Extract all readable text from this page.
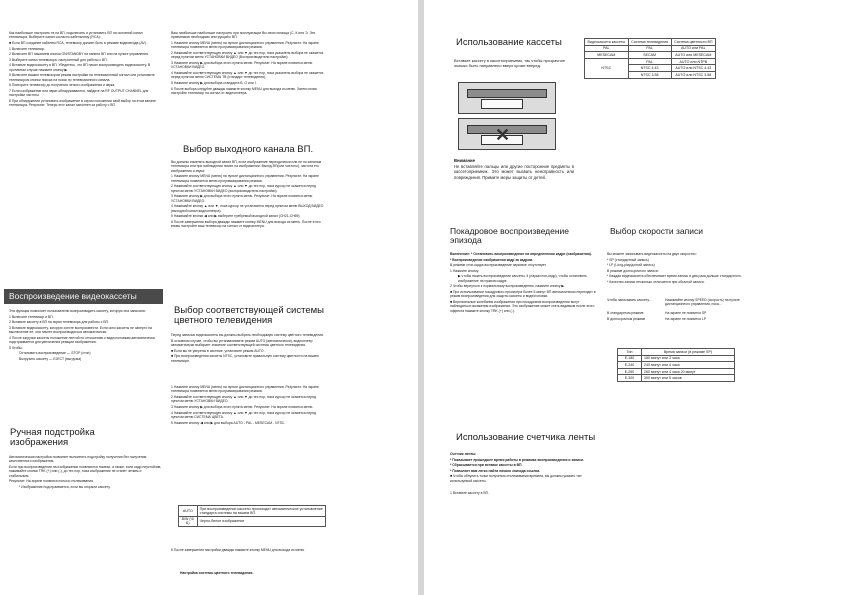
Как наибольше настроить тв на ВП, подключить и установить ВП на основной канал телевизора. Выберите канал согласно кабельному (RCA):

■ Если ВП соединен кабелем RCA, телевизор должен быть в режиме видеовхода (AV).

1 Включите телевизор.

2 Включите ВП нажатием кнопки ON/STANDBY на панели ВП или на пульте управления.

3 Выберите канал телевизора, настроенный для работы с ВП.

4 Вставьте видеокассету в ВП. Убедитесь, что ВП начал воспроизводить видеокассету. В противном случае нажмите кнопку ▶.

5 Включите вашим телевизором режим настройки на телевизионный сигнал или установите телевизором кнопки поиска на поиск по телевизионного канала.

6 Повторите телевизор до получения четкого изображения и звука.

7 Если изображение или звуки обнаруживаются, найдите на RF OUTPUT CHANNEL для настройки частоты.

8 При обнаружении установить изображение в сером положении свой выбор на этом канале телевизора. Результат: Теперь этот канал заполнен за работу с ВП.

Ваш наибольше наибольше настроить при эксплуатации Вы свою помощи (С, К или Э. Эти приемников необходимо инструкций к ВП.

1 Нажмите кнопку MENU (меню) на пульте дистанционного управления. Результат: На экране телевизора появляется меню программирования режима.

2 Нажимайте соответствующую кнопку ▲ или ▼ до тех пор, пока указатель выбора не окажется перед пунктом меню УСТАНОВКИ ВИДЕО (Воспроизводители настройки).

3 Нажмите кнопку ▶ для выбора этого пункта меню. Результат: На экране появится меню УСТАНОВКИ ВИДЕО.

4 Нажимайте соответствующую кнопку ▲ или ▼ до тех пор, пока указатель выбора не окажется перед пунктом меню СИСТЕМА ТВ (стандарт телевидения).

5 Нажмите кнопку ▶ для выбора стандарта В, G или I.

6 После выбора следуйте дважды нажмите кнопку MENU для выхода из меню. Затем снова настройте телевизор на сигнал от видеоплеера.

Выбор выходного канала ВП.

Вы должны изменять выходной канал ВП, если изображение периодически или не по каналам телевизора или при наблюдении помех на изображении. Выход ВП(или частоты), частота его изображения и звука:

1 Нажмите кнопку MENU (меню) на пульте дистанционного управления. Результат: На экране телевизора появляется меню программирования режима.

2 Нажимайте соответствующую кнопку ▲ или ▼ до тех пор, пока курсор не окажется перед пунктом меню УСТАНОВКИ ВИДЕО (воспроизводитель настройки).

3 Нажмите кнопку ▶ для выбора этого пункта меню. Результат: На экране появится меню УСТАНОВКИ ВИДЕО.

4 Нажимайте кнопку ▲ или ▼, пока курсор не установится перед пунктом меню ВЫХОД ВИДЕО (выходной канал видеоплеера).

5 Нажимайте кнопки ◀ или ▶ выберите требуемый выходной канал (CH21-CH69).

6 После завершения выбора дважды нажмите кнопку MENU для выхода из меню. После этого вновь настройте ваш телевизор на сигнал от видеоплеера.

Воспроизведение видеокассеты

Эта функция позволяет пользователю воспроизводить кассету, которую она записана:

1 Включите телевизор и ВП.

2 Вставьте кассету в ВП на экран телевизора для работы с ВП.

3 Вставьте видеокассету, которую хотите воспроизвести. Если окно кассеты не заперто на выключение ее, она начнет воспроизводиться автоматически.

4 После загрузки кассеты положение лентой по отношению к видеоголовкам автоматически подстраивается для увеличения реакции изображения.

5 Чтобы:

Остановить воспроизведение — STOP (стоп)

Выгрузить кассету — EJECT (выгрузка)

Ручная подстройка изображения

Автоматическая настройка позволяет выполнять подстройку получения без получения качественного изображения.

Если при воспроизведении на изображении появляются помехи, а также, если кадр неустойчив, нажимайте кнопки TRK (+) или (-), до тех пор, пока изображение не станет четким и стабильным.

Результат: На экране появится полоса отслеживания.

* Изображение подстраивается, если вы открыли кассету.

Выбор соответствующей системы цветного телевидения

Перед записью видеокассеты вы должны выбрать необходимую систему цветного телевидения.

В основном случае, чтобы вы устанавливаете режим AUTO (автоматически), видеоплеер автоматически выбирает значение соответствующей системы цветного телевидения.

■ Если вы не уверены в системе, установите режим AUTO.

■ При воспроизведении кассеты NTSC, установите правильную систему цветности на вашем телевизоре.

1 Нажмите кнопку MENU (меню) на пульте дистанционного управления. Результат: На экране телевизора появляется меню программирования режима.

2 Нажимайте соответствующую кнопку ▲ или ▼ до тех пор, пока курсор не окажется перед пунктом меню УСТАНОВКИ ВИДЕО.

3 Нажмите кнопку ▶ для выбора этого пункта меню. Результат: На экране появится меню.

4 Нажимайте соответствующую кнопку ▲ или ▼ до тех пор, пока курсор не окажется перед пунктом меню СИСТЕМА ЦВЕТА.

5 Нажмите кнопку ◀ или ▶ для выбора AUTO - PAL - MESECAM - NTSC.

AUTO	При воспроизведении кассеты происходит автоматическое установление стандарта системы на вашем ВП.
B/W (Ч/Б)	Черно-белое изображение
6 После завершения настройки дважды нажмите кнопку MENU для выхода из меню.
Настройка системы цветного телевидения.
Использование кассеты
Вставьте кассету в кассетоприемник, так чтобы прозрачное окошко было направлено вверх кроме вперед.
✕
Внимание
Не вставляйте пальцы или другие посторонние предметы в кассетоприемник. Это может вызвать неисправность или повреждения. Примите меры защиты от детей.
Видеокассета кассеты	Система телевидения	Система цветности ВП
PAL	PAL	AUTO или PAL
MESECAM	SECAM	AUTO или MESECAM
NTSC	PAL	AUTO или NTPB
	NTSC 4.43	AUTO или NTSC 4.43
	NTSC 3.58	AUTO или NTSC 3.58
Покадровое воспроизведение эпизода

Включение: * Остановить воспроизведение на определенном кадре (изображения).

* Воспроизведение изображения кадр за кадром.

В режиме стоп-кадра воспроизведение звуковое отсутствует.

1 Нажмите кнопку:

▶ чтобы начать воспроизведение кассеты. II (пауза/стоп-кадр), чтобы остановить изображение на нужном кадре.

2 Чтобы вернуться к нормальному воспроизведению, нажмите кнопку ▶.

■ При использовании покадрового просмотра более 5 минут ВП автоматически переходит в режим воспроизведения для защиты кассеты и видеоголовки.

■ Вертикальные колебания изображения при покадровом воспроизведении могут наблюдаться искажения изображения. Это изображение может стать видимым после этого эффекта нажмите кнопку TRK (+) или (-).

Выбор скорости записи

Вы можете записывать видеокассеты на двух скоростях:

* SP (стандартный запись)

* LP (Long-play/долгий запись)

В режиме долгосрочного записи:

* Каждая видеокассета обеспечивает время запись в два раза дольше стандартного.

* Качество записи несколько отличается при обычной записи.

Чтобы записывать кассету...	Нажимайте кнопку SPEED (скорость) на пульте дистанционного управления, пока...
В стандартном режиме	На экране не появится SP
В долгосрочном режиме	На экране не появится LP
Тип	Время записи (в режиме SP)
E-180	180 минут или 3 часа
E-240	240 минут или 4 часа
E-260	260 минут или 4 часа 20 минут
E-300	300 минут или 5 часов
Использование счетчика ленты

Счетчик ленты:

* Показывает прошедшее время работы в режимах воспроизведения и записи.

* Сбрасывается при вставке кассеты в ВП.

* Позволяет вам легко найти начало эпизода ссылки.

■ Чтобы обнулить точки получения отслеживания времени, вы должны указать тип используемой кассеты.

1 Вставьте кассету в ВП.
